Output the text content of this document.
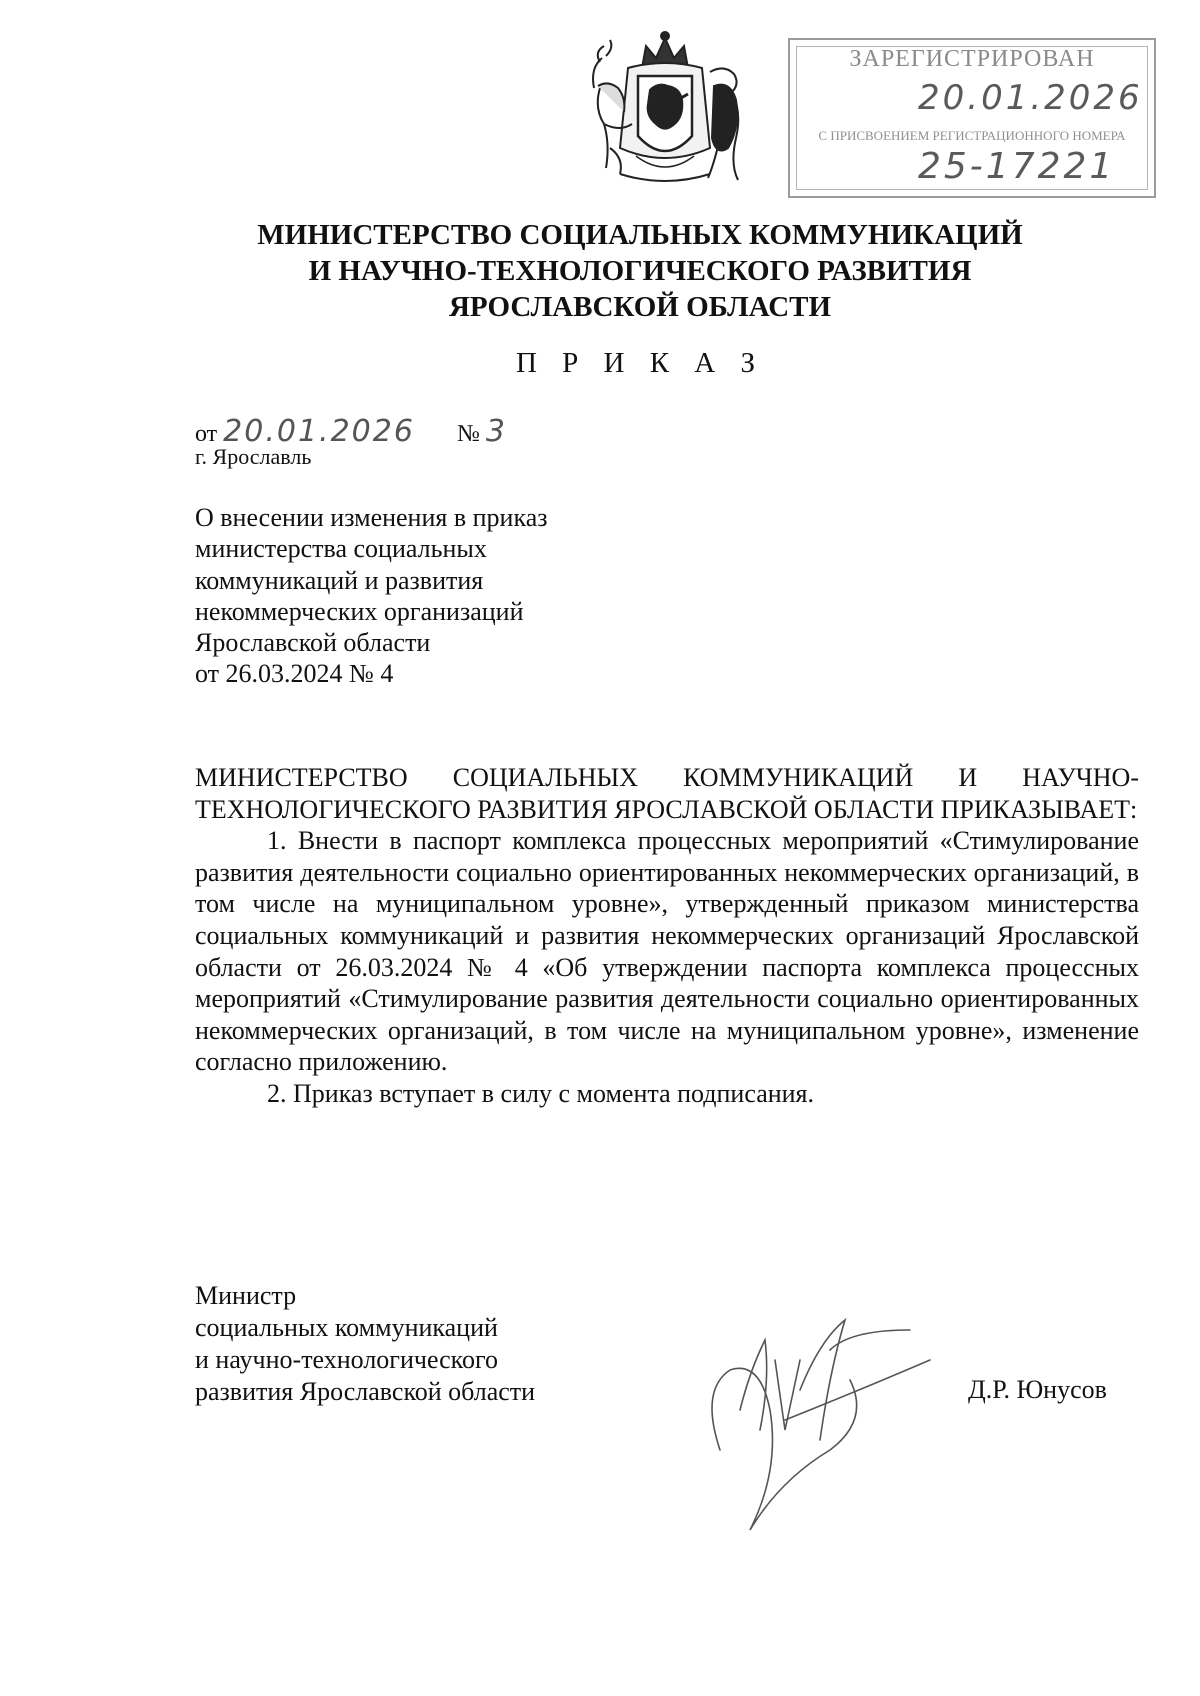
ЗАРЕГИСТРИРОВАН
20.01.2026
С ПРИСВОЕНИЕМ РЕГИСТРАЦИОННОГО НОМЕРА
25-17221
МИНИСТЕРСТВО СОЦИАЛЬНЫХ КОММУНИКАЦИЙ
И НАУЧНО-ТЕХНОЛОГИЧЕСКОГО РАЗВИТИЯ
ЯРОСЛАВСКОЙ ОБЛАСТИ
П Р И К А З
от 20.01.2026 № 3
г. Ярославль
О внесении изменения в приказ
министерства социальных
коммуникаций и развития
некоммерческих организаций
Ярославской области
от 26.03.2024 № 4

МИНИСТЕРСТВО СОЦИАЛЬНЫХ КОММУНИКАЦИЙ И НАУЧНО-ТЕХНОЛОГИЧЕСКОГО РАЗВИТИЯ ЯРОСЛАВСКОЙ ОБЛАСТИ ПРИКАЗЫВАЕТ:

1. Внести в паспорт комплекса процессных мероприятий «Стимулирование развития деятельности социально ориентированных некоммерческих организаций, в том числе на муниципальном уровне», утвержденный приказом министерства социальных коммуникаций и развития некоммерческих организаций Ярославской области от 26.03.2024 № 4 «Об утверждении паспорта комплекса процессных мероприятий «Стимулирование развития деятельности социально ориентированных некоммерческих организаций, в том числе на муниципальном уровне», изменение согласно приложению.

2. Приказ вступает в силу с момента подписания.

Министр
социальных коммуникаций
и научно-технологического
развития Ярославской области	Д.Р. Юнусов
